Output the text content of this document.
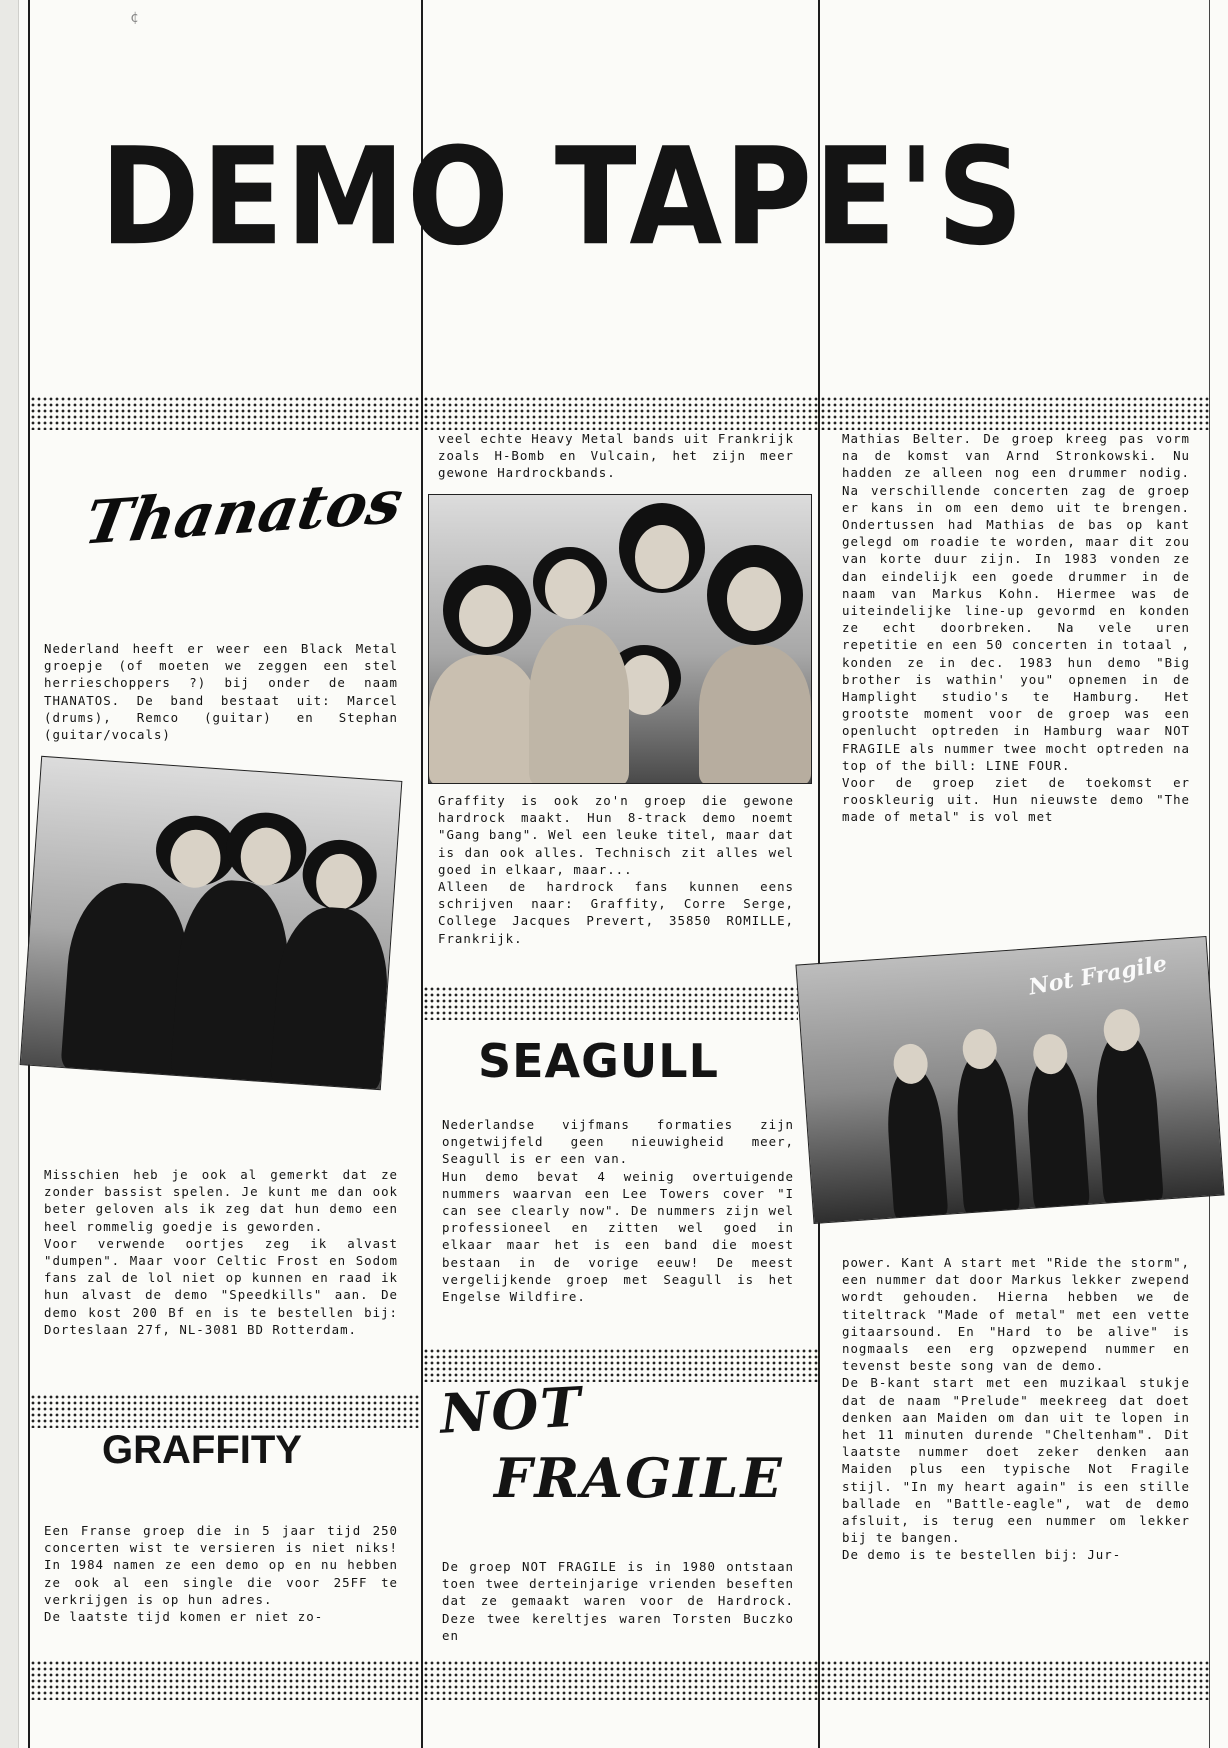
¢
DEMO TAPE'S
Thanatos

Nederland heeft er weer een Black Metal groepje (of moeten we zeggen een stel herrieschoppers ?) bij onder de naam THANATOS. De band bestaat uit: Marcel (drums), Remco (guitar) en Stephan (guitar/vocals)

Misschien heb je ook al gemerkt dat ze zonder bassist spelen. Je kunt me dan ook beter geloven als ik zeg dat hun demo een heel rommelig goedje is geworden.

Voor verwende oortjes zeg ik alvast "dumpen". Maar voor Celtic Frost en Sodom fans zal de lol niet op kunnen en raad ik hun alvast de demo "Speedkills" aan. De demo kost 200 Bf en is te bestellen bij: Dorteslaan 27f, NL-3081 BD Rotterdam.

GRAFFITY

Een Franse groep die in 5 jaar tijd 250 concerten wist te versieren is niet niks! In 1984 namen ze een demo op en nu hebben ze ook al een single die voor 25FF te verkrijgen is op hun adres.

De laatste tijd komen er niet zo-

veel echte Heavy Metal bands uit Frankrijk zoals H-Bomb en Vulcain, het zijn meer gewone Hardrockbands.

Graffity is ook zo'n groep die gewone hardrock maakt. Hun 8-track demo noemt "Gang bang". Wel een leuke titel, maar dat is dan ook alles. Technisch zit alles wel goed in elkaar, maar...

Alleen de hardrock fans kunnen eens schrijven naar: Graffity, Corre Serge, College Jacques Prevert, 35850 ROMILLE, Frankrijk.

SEAGULL

Nederlandse vijfmans formaties zijn ongetwijfeld geen nieuwigheid meer, Seagull is er een van.

Hun demo bevat 4 weinig overtuigende nummers waarvan een Lee Towers cover "I can see clearly now". De nummers zijn wel professioneel en zitten wel goed in elkaar maar het is een band die moest bestaan in de vorige eeuw! De meest vergelijkende groep met Seagull is het Engelse Wildfire.

NOT
FRAGILE

De groep NOT FRAGILE is in 1980 ontstaan toen twee derteinjarige vrienden beseften dat ze gemaakt waren voor de Hardrock. Deze twee kereltjes waren Torsten Buczko en

Mathias Belter. De groep kreeg pas vorm na de komst van Arnd Stronkowski. Nu hadden ze alleen nog een drummer nodig. Na verschillende concerten zag de groep er kans in om een demo uit te brengen. Ondertussen had Mathias de bas op kant gelegd om roadie te worden, maar dit zou van korte duur zijn. In 1983 vonden ze dan eindelijk een goede drummer in de naam van Markus Kohn. Hiermee was de uiteindelijke line-up gevormd en konden ze echt doorbreken. Na vele uren repetitie en een 50 concerten in totaal , konden ze in dec. 1983 hun demo "Big brother is wathin' you" opnemen in de Hamplight studio's te Hamburg. Het grootste moment voor de groep was een openlucht optreden in Hamburg waar NOT FRAGILE als nummer twee mocht optreden na top of the bill: LINE FOUR.

Voor de groep ziet de toekomst er rooskleurig uit. Hun nieuwste demo "The made of metal" is vol met

Not Fragile

power. Kant A start met "Ride the storm", een nummer dat door Markus lekker zwepend wordt gehouden. Hierna hebben we de titeltrack "Made of metal" met een vette gitaarsound. En "Hard to be alive" is nogmaals een erg opzwepend nummer en tevenst beste song van de demo.

De B-kant start met een muzikaal stukje dat de naam "Prelude" meekreeg dat doet denken aan Maiden om dan uit te lopen in het 11 minuten durende "Cheltenham". Dit laatste nummer doet zeker denken aan Maiden plus een typische Not Fragile stijl. "In my heart again" is een stille ballade en "Battle-eagle", wat de demo afsluit, is terug een nummer om lekker bij te bangen.

De demo is te bestellen bij: Jur-
